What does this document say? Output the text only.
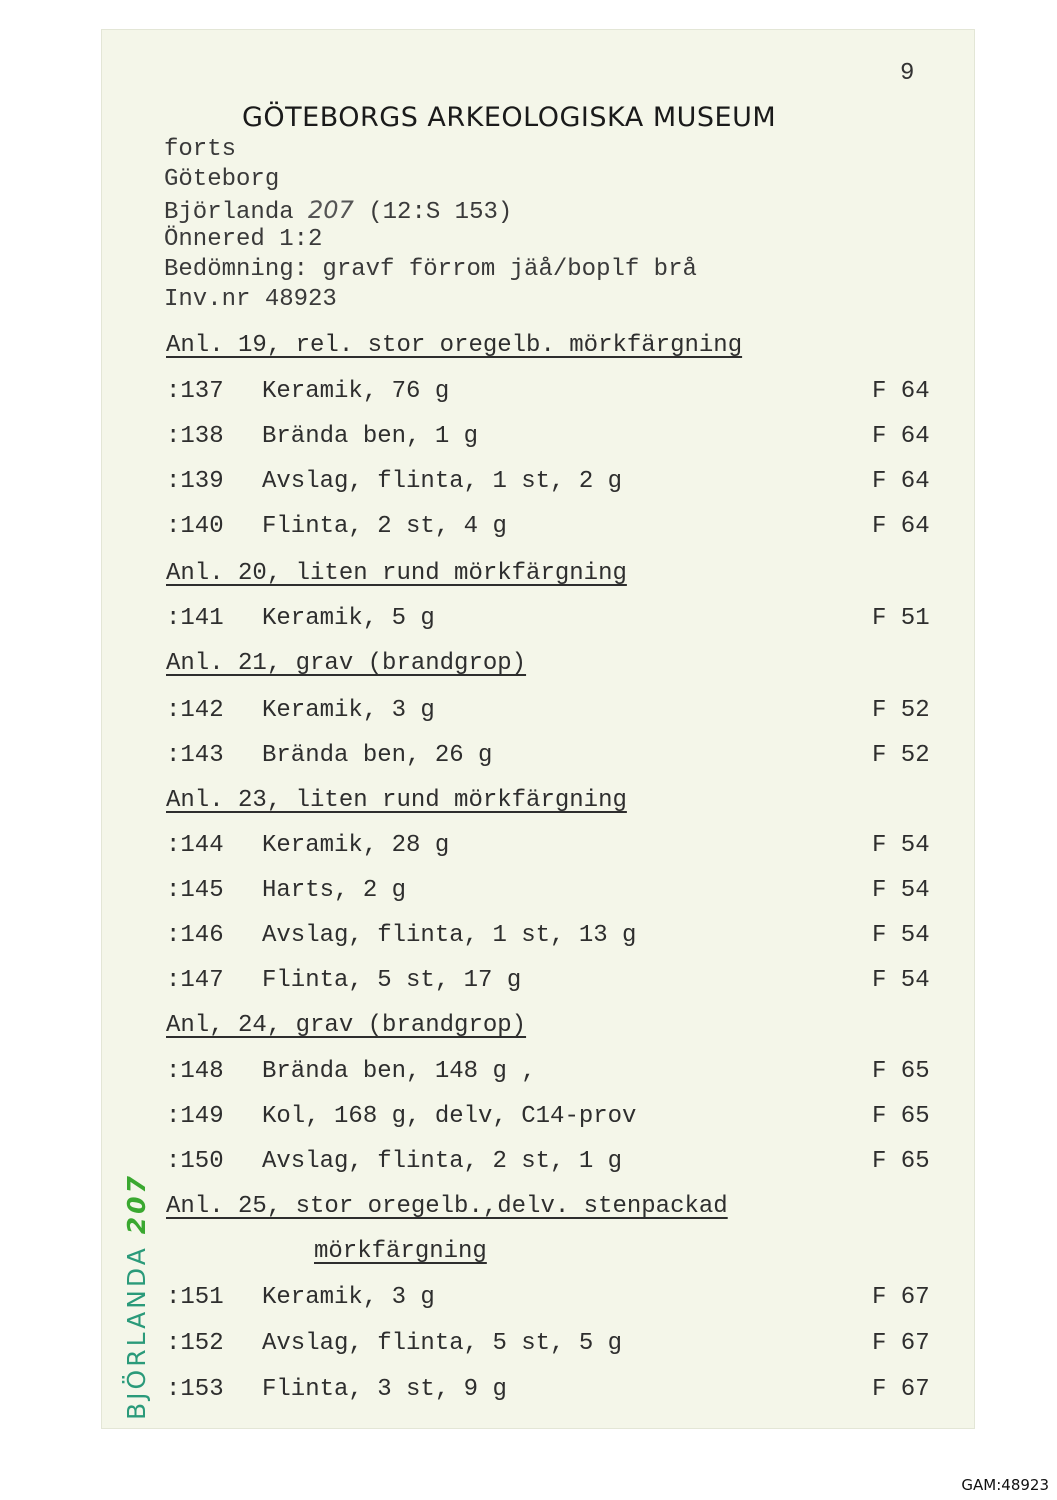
9
GÖTEBORGS ARKEOLOGISKA MUSEUM
forts
Göteborg
Björlanda 207 (12:S 153)
Önnered 1:2
Bedömning: gravf förrom jäå/boplf brå
Inv.nr 48923
Anl. 19, rel. stor oregelb. mörkfärgning
:137 Keramik, 76 g	F 64
:138 Brända ben, 1 g	F 64
:139 Avslag, flinta, 1 st, 2 g	F 64
:140 Flinta, 2 st, 4 g	F 64
Anl. 20, liten rund mörkfärgning
:141 Keramik, 5 g	F 51
Anl. 21, grav (brandgrop)
:142 Keramik, 3 g	F 52
:143 Brända ben, 26 g	F 52
Anl. 23, liten rund mörkfärgning
:144 Keramik, 28 g	F 54
:145 Harts, 2 g	F 54
:146 Avslag, flinta, 1 st, 13 g	F 54
:147 Flinta, 5 st, 17 g	F 54
Anl, 24, grav (brandgrop)
:148 Brända ben, 148 g ,	F 65
:149 Kol, 168 g, delv, C14-prov	F 65
:150 Avslag, flinta, 2 st, 1 g	F 65
Anl. 25, stor oregelb.,delv. stenpackad
mörkfärgning
:151 Keramik, 3 g	F 67
:152 Avslag, flinta, 5 st, 5 g	F 67
:153 Flinta, 3 st, 9 g	F 67
BJÖRLANDA 207
GAM:48923
